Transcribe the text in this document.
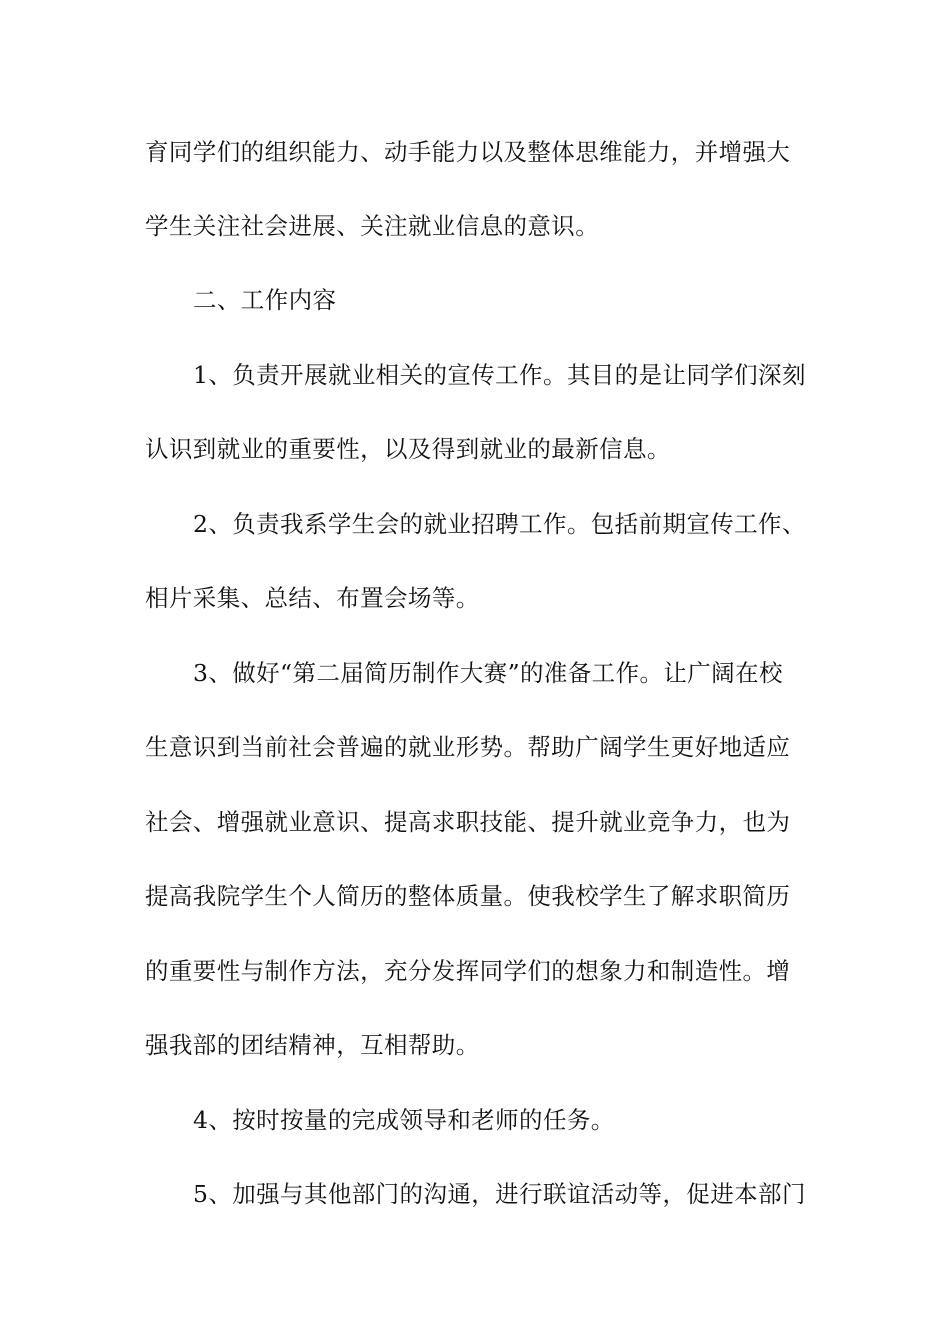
育同学们的组织能力、动手能力以及整体思维能力，并增强大
学生关注社会进展、关注就业信息的意识。
二、工作内容
1、负责开展就业相关的宣传工作。其目的是让同学们深刻
认识到就业的重要性，以及得到就业的最新信息。
2、负责我系学生会的就业招聘工作。包括前期宣传工作、
相片采集、总结、布置会场等。
3、做好“第二届简历制作大赛”的准备工作。让广阔在校
生意识到当前社会普遍的就业形势。帮助广阔学生更好地适应
社会、增强就业意识、提高求职技能、提升就业竞争力，也为
提高我院学生个人简历的整体质量。使我校学生了解求职简历
的重要性与制作方法，充分发挥同学们的想象力和制造性。增
强我部的团结精神，互相帮助。
4、按时按量的完成领导和老师的任务。
5、加强与其他部门的沟通，进行联谊活动等，促进本部门
